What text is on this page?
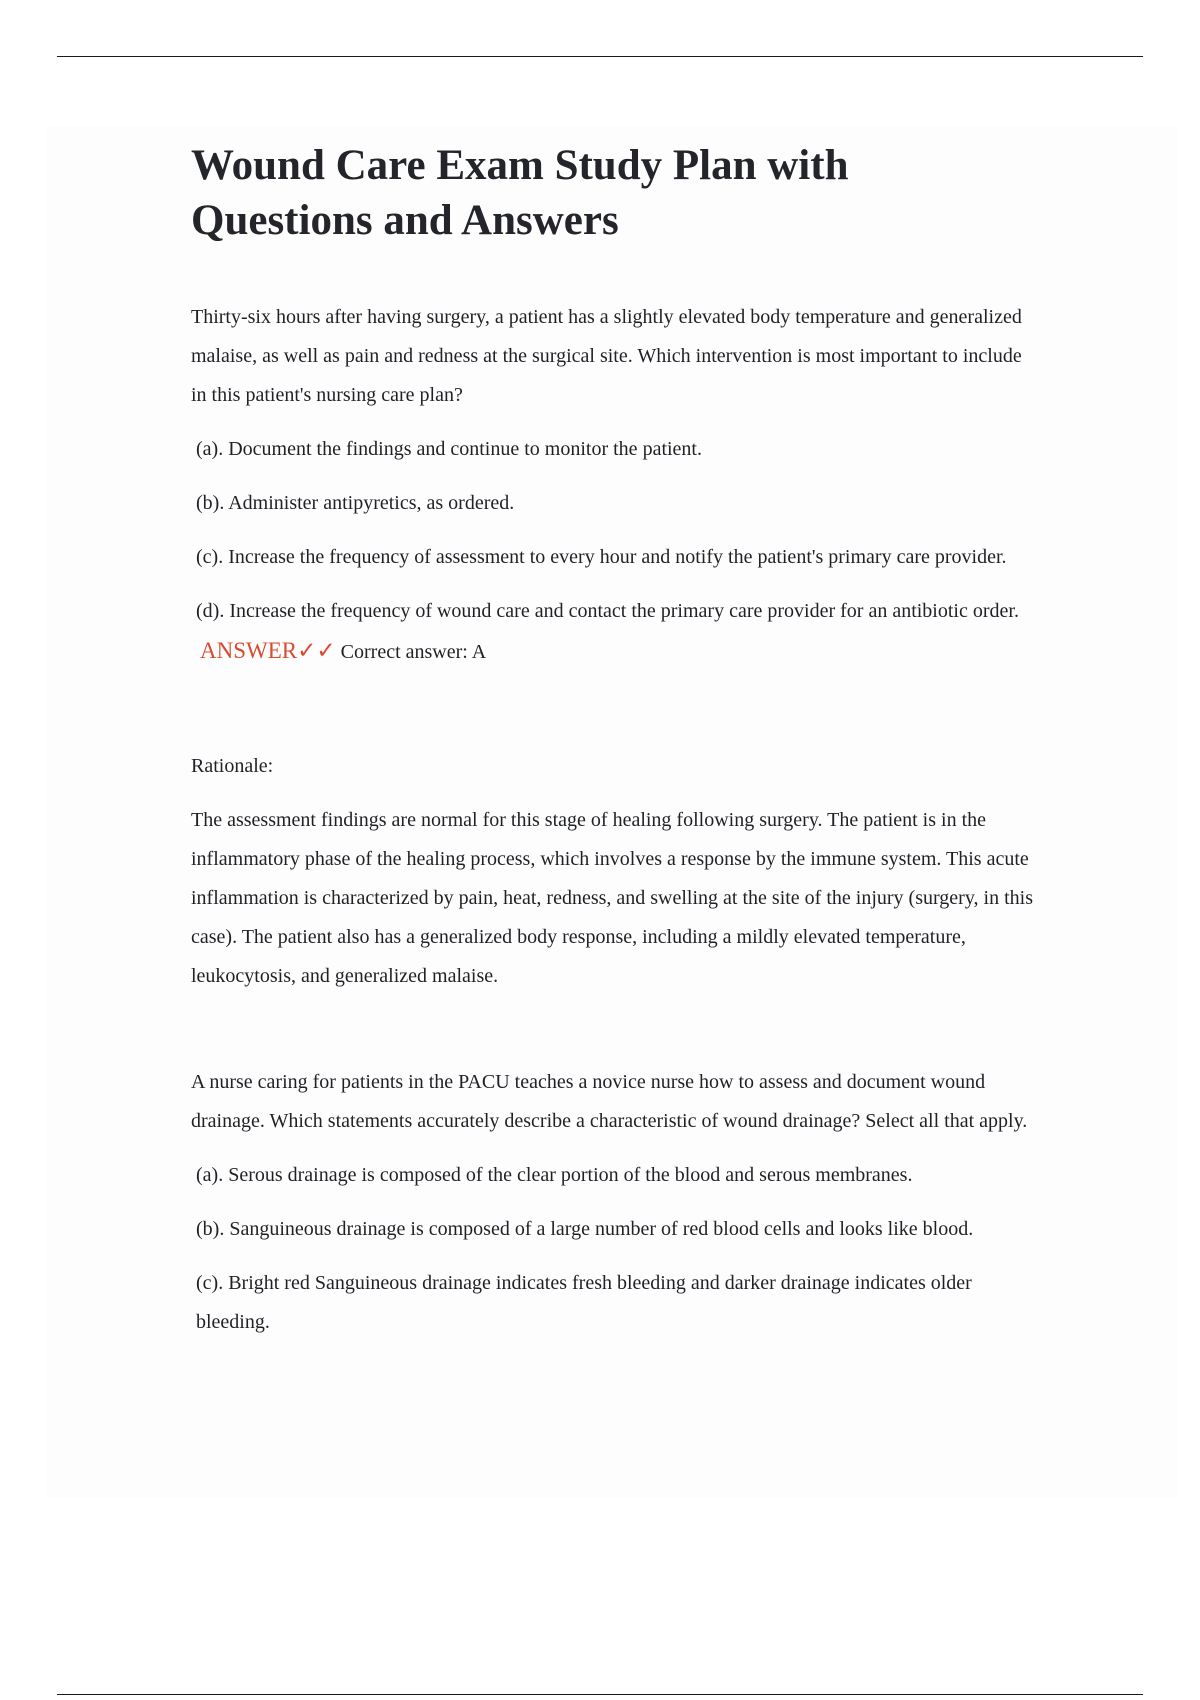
Wound Care Exam Study Plan with
Questions and Answers

Thirty-six hours after having surgery, a patient has a slightly elevated body temperature and generalized malaise, as well as pain and redness at the surgical site. Which intervention is most important to include in this patient's nursing care plan?

(a). Document the findings and continue to monitor the patient.

(b). Administer antipyretics, as ordered.

(c). Increase the frequency of assessment to every hour and notify the patient's primary care provider.

(d). Increase the frequency of wound care and contact the primary care provider for an antibiotic order. ANSWER✓✓ Correct answer: A

Rationale:

The assessment findings are normal for this stage of healing following surgery. The patient is in the inflammatory phase of the healing process, which involves a response by the immune system. This acute inflammation is characterized by pain, heat, redness, and swelling at the site of the injury (surgery, in this case). The patient also has a generalized body response, including a mildly elevated temperature, leukocytosis, and generalized malaise.

A nurse caring for patients in the PACU teaches a novice nurse how to assess and document wound drainage. Which statements accurately describe a characteristic of wound drainage? Select all that apply.

(a). Serous drainage is composed of the clear portion of the blood and serous membranes.

(b). Sanguineous drainage is composed of a large number of red blood cells and looks like blood.

(c). Bright red Sanguineous drainage indicates fresh bleeding and darker drainage indicates older bleeding.
